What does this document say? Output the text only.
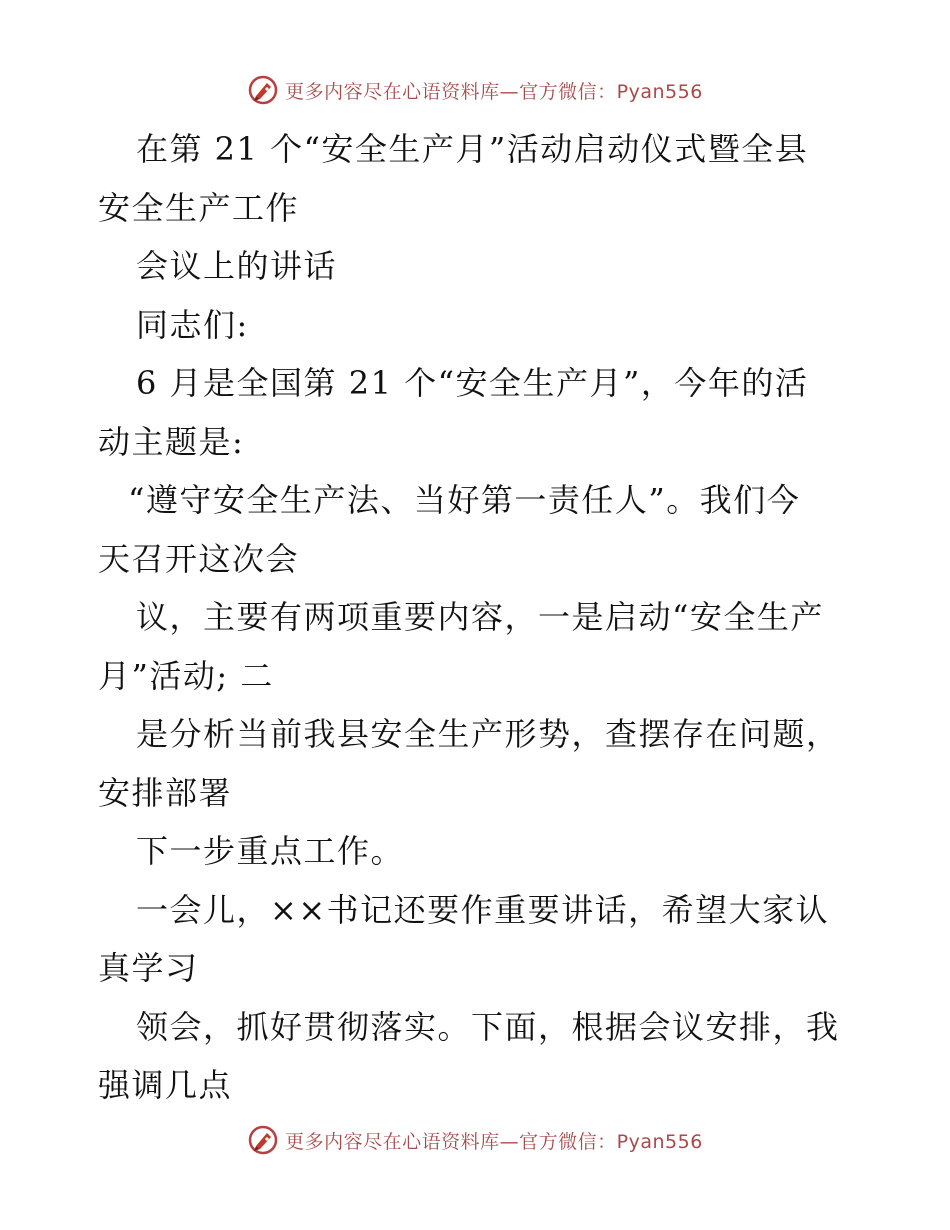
更多内容尽在心语资料库—官方微信：Pyan556
在第 21 个“安全生产月”活动启动仪式暨全县
安全生产工作
会议上的讲话
同志们:
6 月是全国第 21 个“安全生产月”，今年的活
动主题是:
“遵守安全生产法、当好第一责任人”。我们今
天召开这次会
议，主要有两项重要内容，一是启动“安全生产
月”活动; 二
是分析当前我县安全生产形势，查摆存在问题，
安排部署
下一步重点工作。
一会儿，××书记还要作重要讲话，希望大家认
真学习
领会，抓好贯彻落实。下面，根据会议安排，我
强调几点
更多内容尽在心语资料库—官方微信：Pyan556
